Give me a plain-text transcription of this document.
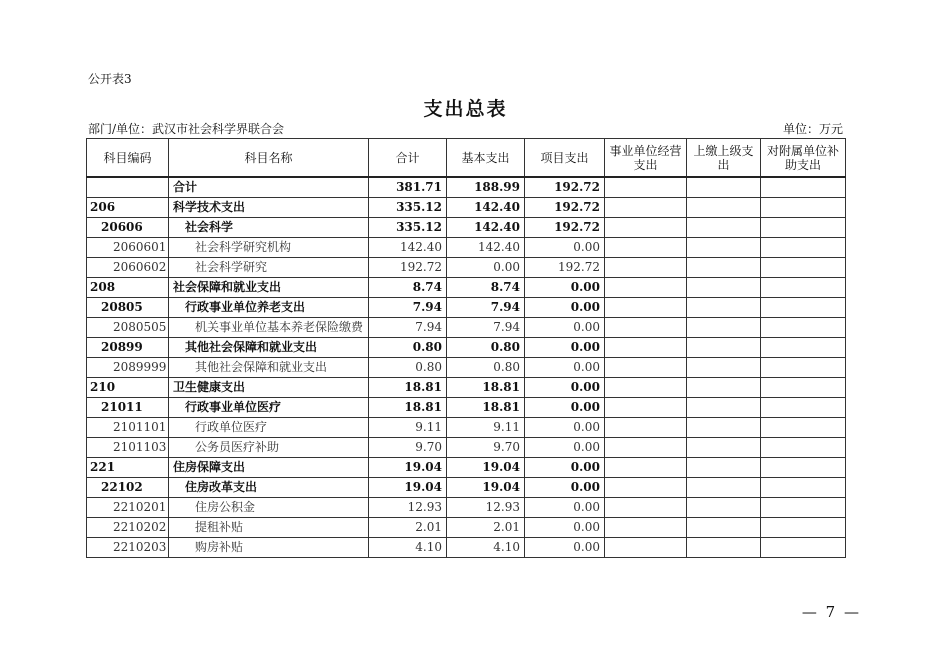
公开表3
支出总表
部门/单位：武汉市社会科学界联合会	单位：万元
科目编码	科目名称	合计	基本支出	项目支出	事业单位经营支出	上缴上级支出	对附属单位补助支出
	合计	381.71	188.99	192.72			
206	科学技术支出	335.12	142.40	192.72			
20606	社会科学	335.12	142.40	192.72			
2060601	社会科学研究机构	142.40	142.40	0.00			
2060602	社会科学研究	192.72	0.00	192.72			
208	社会保障和就业支出	8.74	8.74	0.00			
20805	行政事业单位养老支出	7.94	7.94	0.00			
2080505	机关事业单位基本养老保险缴费	7.94	7.94	0.00			
20899	其他社会保障和就业支出	0.80	0.80	0.00			
2089999	其他社会保障和就业支出	0.80	0.80	0.00			
210	卫生健康支出	18.81	18.81	0.00			
21011	行政事业单位医疗	18.81	18.81	0.00			
2101101	行政单位医疗	9.11	9.11	0.00			
2101103	公务员医疗补助	9.70	9.70	0.00			
221	住房保障支出	19.04	19.04	0.00			
22102	住房改革支出	19.04	19.04	0.00			
2210201	住房公积金	12.93	12.93	0.00			
2210202	提租补贴	2.01	2.01	0.00			
2210203	购房补贴	4.10	4.10	0.00			
— 7 —
